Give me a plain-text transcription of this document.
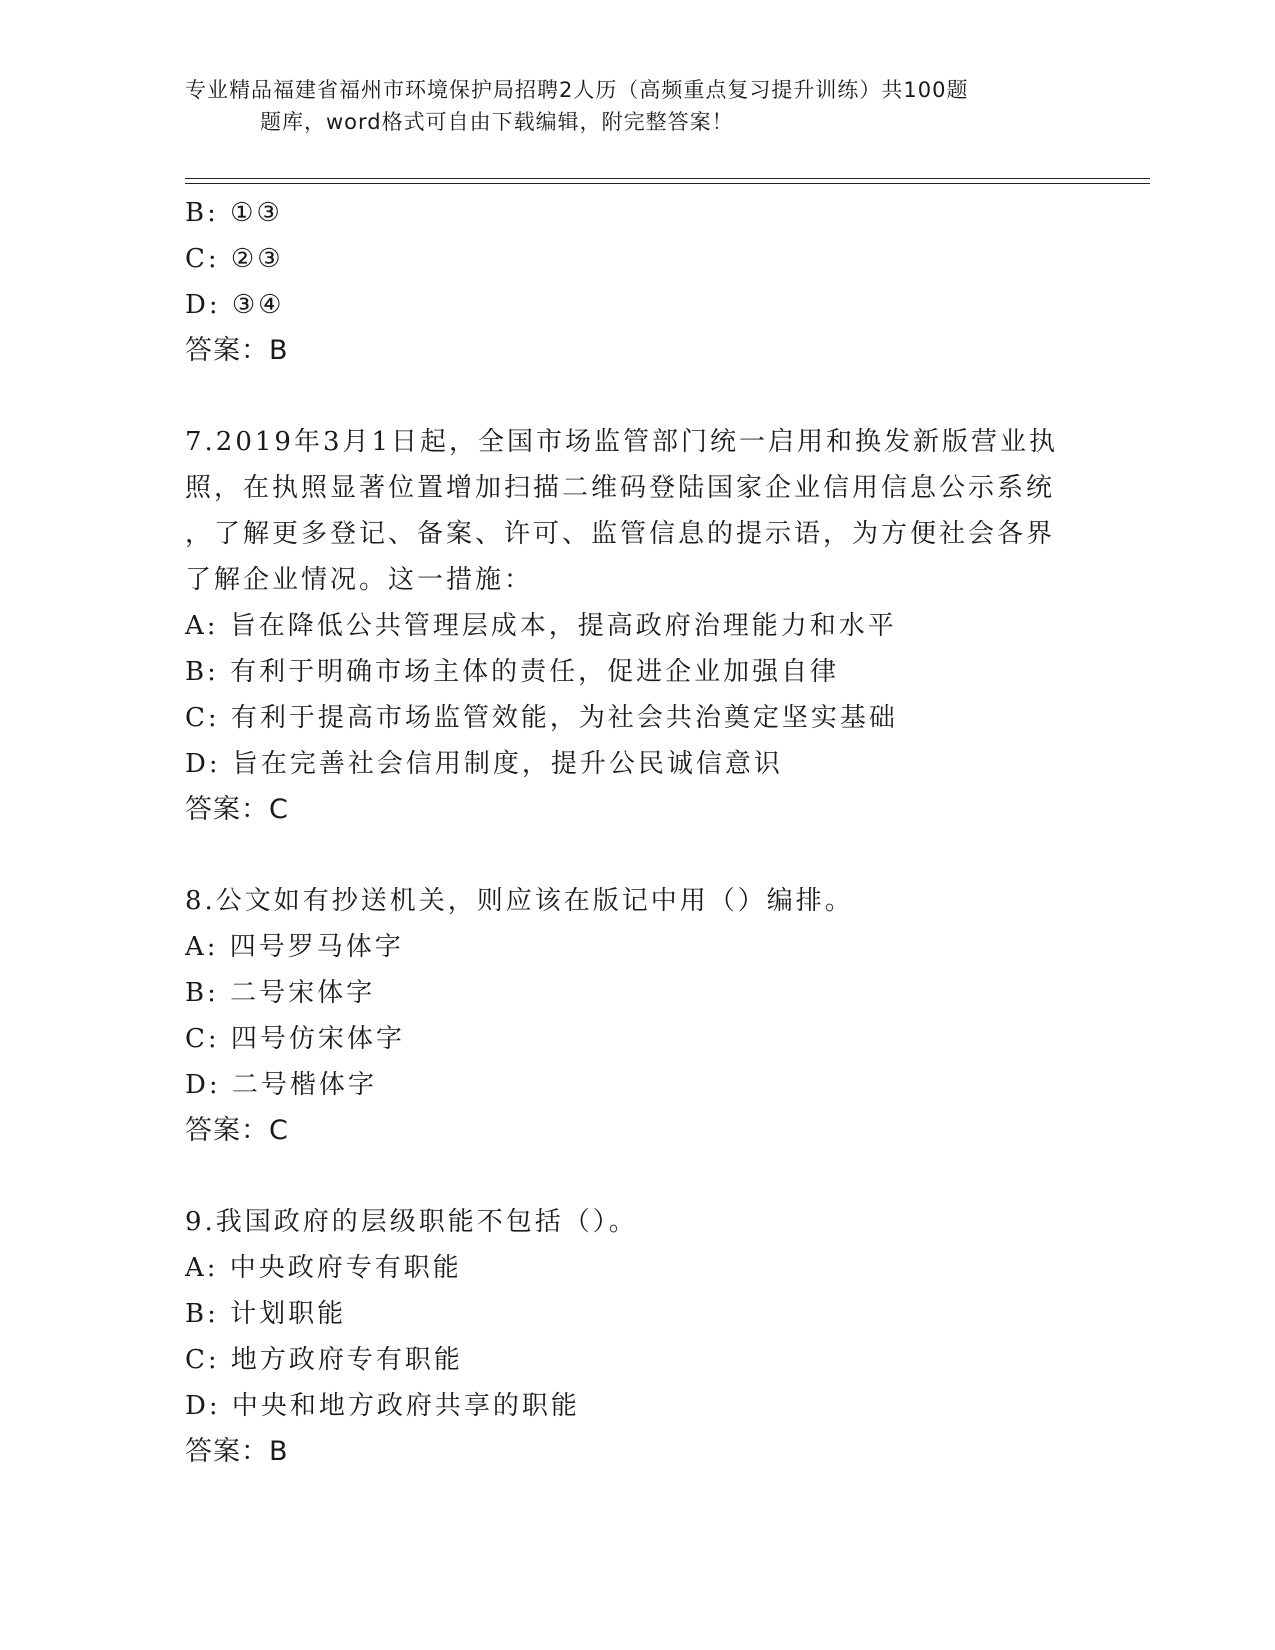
专业精品福建省福州市环境保护局招聘2人历（高频重点复习提升训练）共100题
题库，word格式可自由下载编辑，附完整答案！
B: ①③
C: ②③
D: ③④
答案：B
7.2019年3月1日起，全国市场监管部门统一启用和换发新版营业执
照，在执照显著位置增加扫描二维码登陆国家企业信用信息公示系统
，了解更多登记、备案、许可、监管信息的提示语，为方便社会各界
了解企业情况。这一措施：
A: 旨在降低公共管理层成本，提高政府治理能力和水平
B: 有利于明确市场主体的责任，促进企业加强自律
C: 有利于提高市场监管效能，为社会共治奠定坚实基础
D: 旨在完善社会信用制度，提升公民诚信意识
答案：C
8.公文如有抄送机关，则应该在版记中用（）编排。
A: 四号罗马体字
B: 二号宋体字
C: 四号仿宋体字
D: 二号楷体字
答案：C
9.我国政府的层级职能不包括（）。
A: 中央政府专有职能
B: 计划职能
C: 地方政府专有职能
D: 中央和地方政府共享的职能
答案：B
